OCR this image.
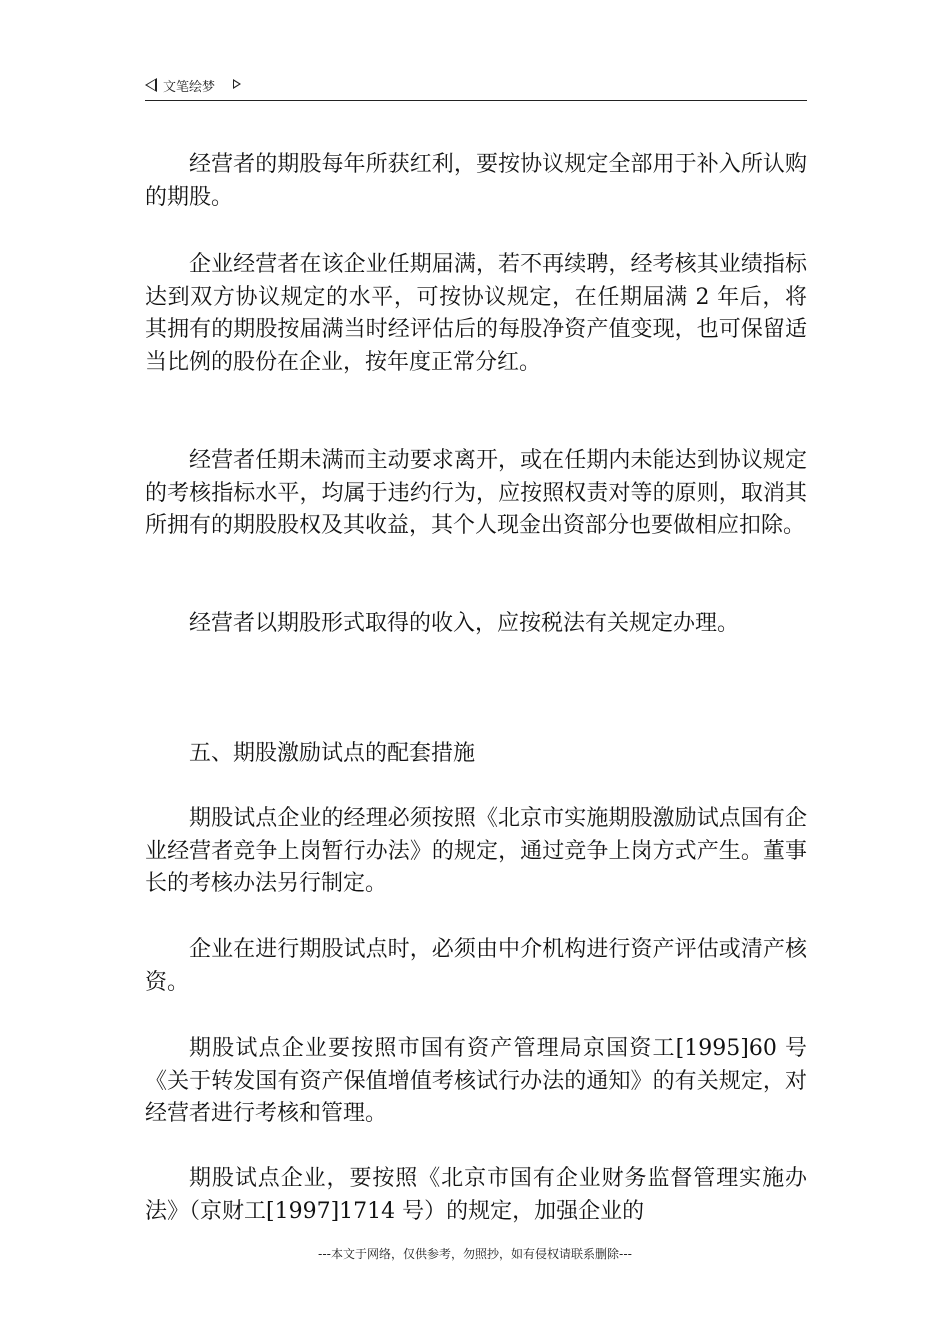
文笔绘梦

经营者的期股每年所获红利，要按协议规定全部用于补入所认购的期股。

企业经营者在该企业任期届满，若不再续聘，经考核其业绩指标达到双方协议规定的水平，可按协议规定，在任期届满 2 年后，将其拥有的期股按届满当时经评估后的每股净资产值变现，也可保留适当比例的股份在企业，按年度正常分红。

经营者任期未满而主动要求离开，或在任期内未能达到协议规定的考核指标水平，均属于违约行为，应按照权责对等的原则，取消其所拥有的期股股权及其收益，其个人现金出资部分也要做相应扣除。

经营者以期股形式取得的收入，应按税法有关规定办理。

五、期股激励试点的配套措施

期股试点企业的经理必须按照《北京市实施期股激励试点国有企业经营者竞争上岗暂行办法》的规定，通过竞争上岗方式产生。董事长的考核办法另行制定。

企业在进行期股试点时，必须由中介机构进行资产评估或清产核资。

期股试点企业要按照市国有资产管理局京国资工[1995]60 号《关于转发国有资产保值增值考核试行办法的通知》的有关规定，对经营者进行考核和管理。

期股试点企业，要按照《北京市国有企业财务监督管理实施办法》（京财工[1997]1714 号）的规定，加强企业的

---本文于网络，仅供参考，勿照抄，如有侵权请联系删除---
